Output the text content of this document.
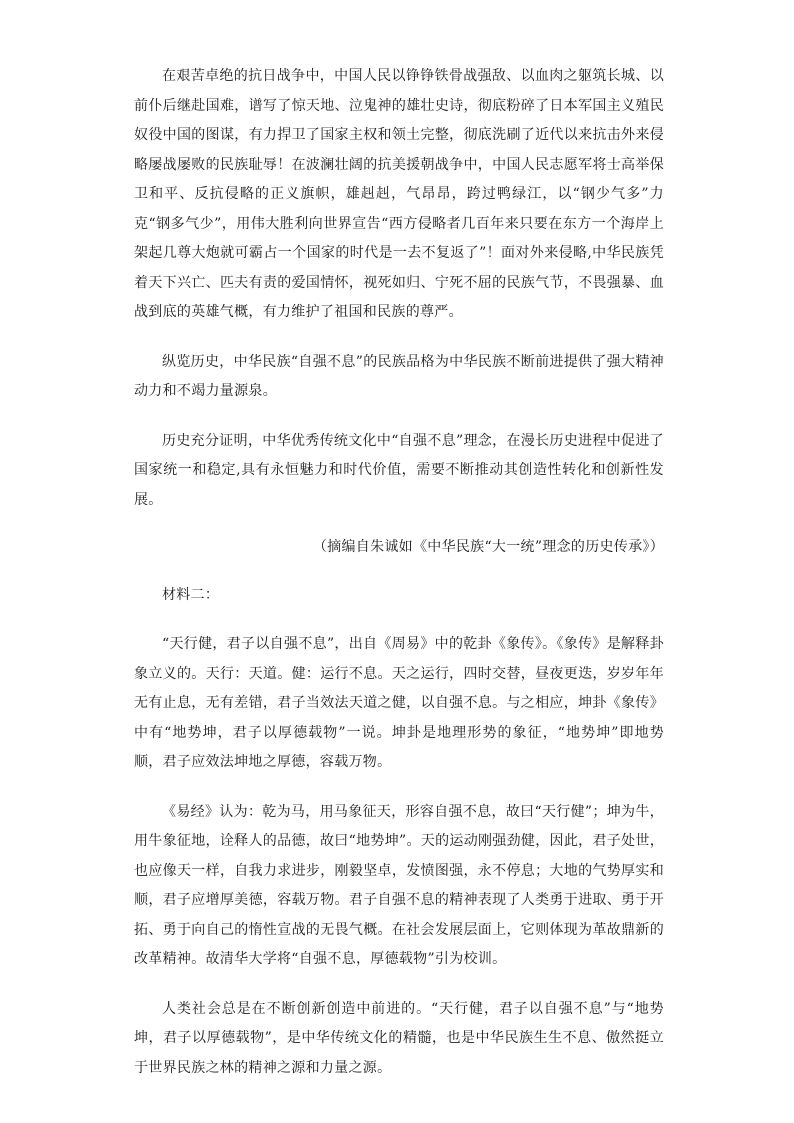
在艰苦卓绝的抗日战争中，中国人民以铮铮铁骨战强敌、以血肉之躯筑长城、以前仆后继赴国难，谱写了惊天地、泣鬼神的雄壮史诗，彻底粉碎了日本军国主义殖民奴役中国的图谋，有力捍卫了国家主权和领土完整，彻底洗刷了近代以来抗击外来侵略屡战屡败的民族耻辱！在波澜壮阔的抗美援朝战争中，中国人民志愿军将士高举保卫和平、反抗侵略的正义旗帜，雄赳赳，气昂昂，跨过鸭绿江，以“钢少气多”力克“钢多气少”，用伟大胜利向世界宣告“西方侵略者几百年来只要在东方一个海岸上架起几尊大炮就可霸占一个国家的时代是一去不复返了”！面对外来侵略,中华民族凭着天下兴亡、匹夫有责的爱国情怀，视死如归、宁死不屈的民族气节，不畏强暴、血战到底的英雄气概，有力维护了祖国和民族的尊严。

纵览历史，中华民族“自强不息”的民族品格为中华民族不断前进提供了强大精神动力和不竭力量源泉。

历史充分证明，中华优秀传统文化中“自强不息”理念，在漫长历史进程中促进了国家统一和稳定,具有永恒魅力和时代价值，需要不断推动其创造性转化和创新性发展。

（摘编自朱诚如《中华民族“大一统”理念的历史传承》）

材料二：

“天行健，君子以自强不息”，出自《周易》中的乾卦《象传》。《象传》是解释卦象立义的。天行：天道。健：运行不息。天之运行，四时交替，昼夜更迭，岁岁年年无有止息，无有差错，君子当效法天道之健，以自强不息。与之相应，坤卦《象传》中有“地势坤，君子以厚德载物”一说。坤卦是地理形势的象征，“地势坤”即地势顺，君子应效法坤地之厚德，容载万物。

《易经》认为：乾为马，用马象征天，形容自强不息，故曰“天行健”；坤为牛，用牛象征地，诠释人的品德，故曰“地势坤”。天的运动刚强劲健，因此，君子处世，也应像天一样，自我力求进步，刚毅坚卓，发愤图强，永不停息；大地的气势厚实和顺，君子应增厚美德，容载万物。君子自强不息的精神表现了人类勇于进取、勇于开拓、勇于向自己的惰性宣战的无畏气概。在社会发展层面上，它则体现为革故鼎新的改革精神。故清华大学将“自强不息，厚德载物”引为校训。

人类社会总是在不断创新创造中前进的。“天行健，君子以自强不息”与“地势坤，君子以厚德载物”，是中华传统文化的精髓，也是中华民族生生不息、傲然挺立于世界民族之林的精神之源和力量之源。
